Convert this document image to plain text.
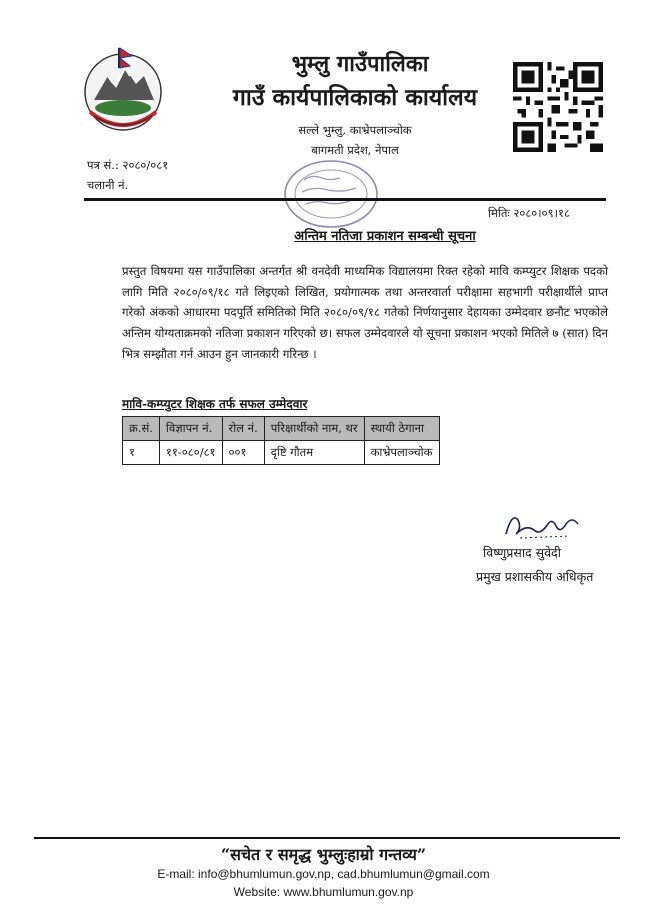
भुम्लु गाउँपालिका
गाउँ कार्यपालिकाको कार्यालय
सल्ले भुम्लु, काभ्रेपलाञ्चोक
बागमती प्रदेश, नेपाल
पत्र सं.: २०८०/०८१
चलानी नं.
मितिः २०८०।०९।१८
अन्तिम नतिजा प्रकाशन सम्बन्धी सूचना
प्रस्तुत विषयमा यस गाउँपालिका अन्तर्गत श्री वनदेवी माध्यमिक विद्यालयमा रिक्त रहेको मावि कम्प्युटर शिक्षक पदको लागि मिति २०८०/०९/१८ गते लिइएको लिखित, प्रयोगात्मक तथा अन्तरवार्ता परीक्षामा सहभागी परीक्षार्थीले प्राप्त गरेको अंकको आधारमा पदपूर्ति समितिको मिति २०८०/०९/१८ गतेको निर्णयानुसार देहायका उम्मेदवार छनौट भएकोले अन्तिम योग्यताक्रमको नतिजा प्रकाशन गरिएको छ। सफल उम्मेदवारले यो सूचना प्रकाशन भएको मितिले ७ (सात) दिन भित्र सम्झौता गर्न आउन हुन जानकारी गरिन्छ ।
मावि-कम्प्युटर शिक्षक तर्फ सफल उम्मेदवार
क्र.सं.	विज्ञापन नं.	रोल नं.	परिक्षार्थीको नाम, थर	स्थायी ठेगाना
१	११-०८०/८१	००१	दृष्टि गौतम	काभ्रेपलाञ्चोक
विष्णुप्रसाद सुवेदी
प्रमुख प्रशासकीय अधिकृत
“सचेत र समृद्ध भुम्लुःहाम्रो गन्तव्य”
E-mail: info@bhumlumun.gov.np, cad.bhumlumun@gmail.com
Website: www.bhumlumun.gov.np
